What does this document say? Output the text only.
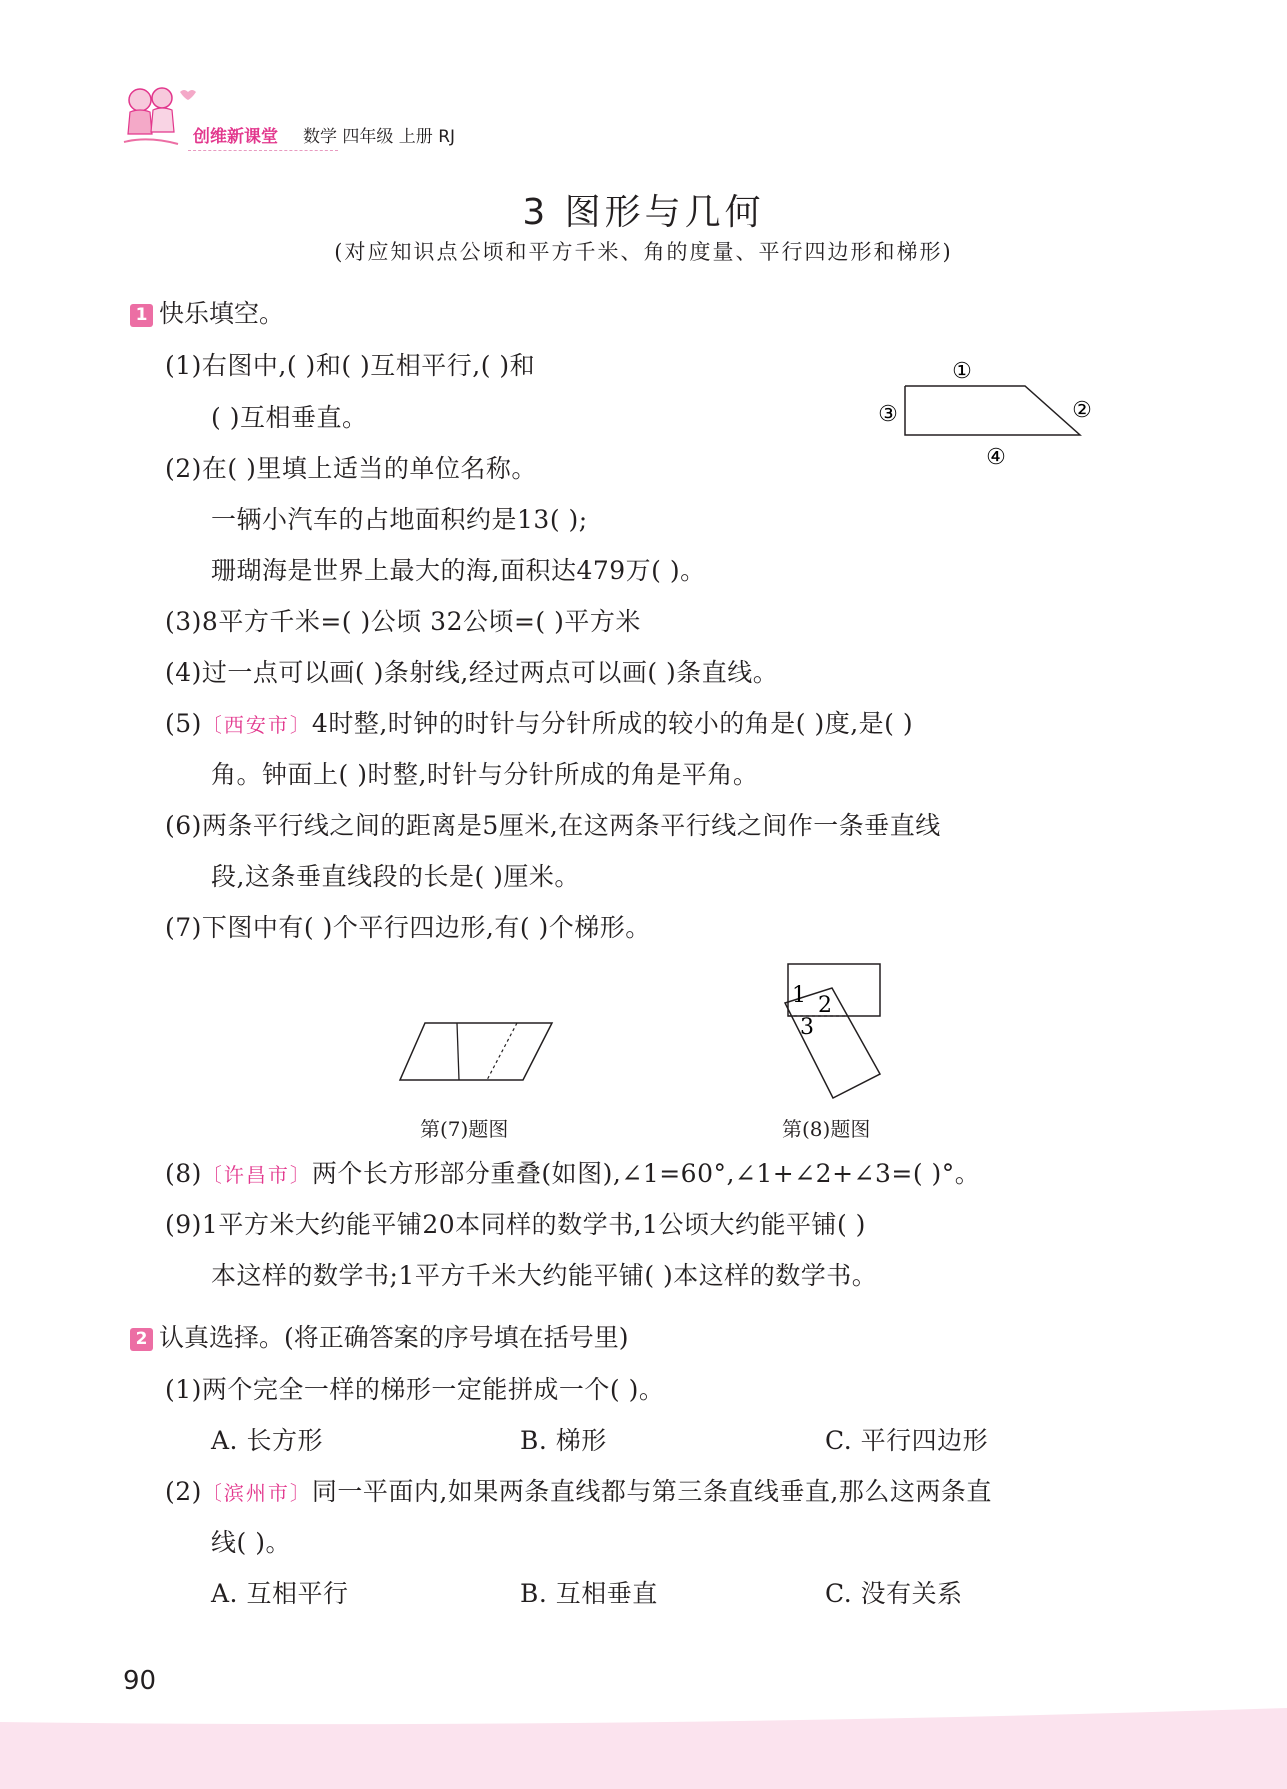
创维新课堂 数学 四年级 上册 RJ
3 图形与几何
(对应知识点公顷和平方千米、角的度量、平行四边形和梯形)
1 快乐填空。
(1)右图中,( )和( )互相平行,( )和
( )互相垂直。
①
②
③
④
(2)在( )里填上适当的单位名称。
一辆小汽车的占地面积约是13( );
珊瑚海是世界上最大的海,面积达479万( )。
(3)8平方千米=( )公顷 32公顷=( )平方米
(4)过一点可以画( )条射线,经过两点可以画( )条直线。
(5)〔西安市〕4时整,时钟的时针与分针所成的较小的角是( )度,是( )
角。钟面上( )时整,时针与分针所成的角是平角。
(6)两条平行线之间的距离是5厘米,在这两条平行线之间作一条垂直线
段,这条垂直线段的长是( )厘米。
(7)下图中有( )个平行四边形,有( )个梯形。
第(7)题图
1 2
3
第(8)题图
(8)〔许昌市〕两个长方形部分重叠(如图),∠1=60°,∠1+∠2+∠3=( )°。
(9)1平方米大约能平铺20本同样的数学书,1公顷大约能平铺( )
本这样的数学书;1平方千米大约能平铺( )本这样的数学书。
2 认真选择。(将正确答案的序号填在括号里)
(1)两个完全一样的梯形一定能拼成一个( )。
A. 长方形	B. 梯形	C. 平行四边形
(2)〔滨州市〕同一平面内,如果两条直线都与第三条直线垂直,那么这两条直
线( )。
A. 互相平行	B. 互相垂直	C. 没有关系
90
